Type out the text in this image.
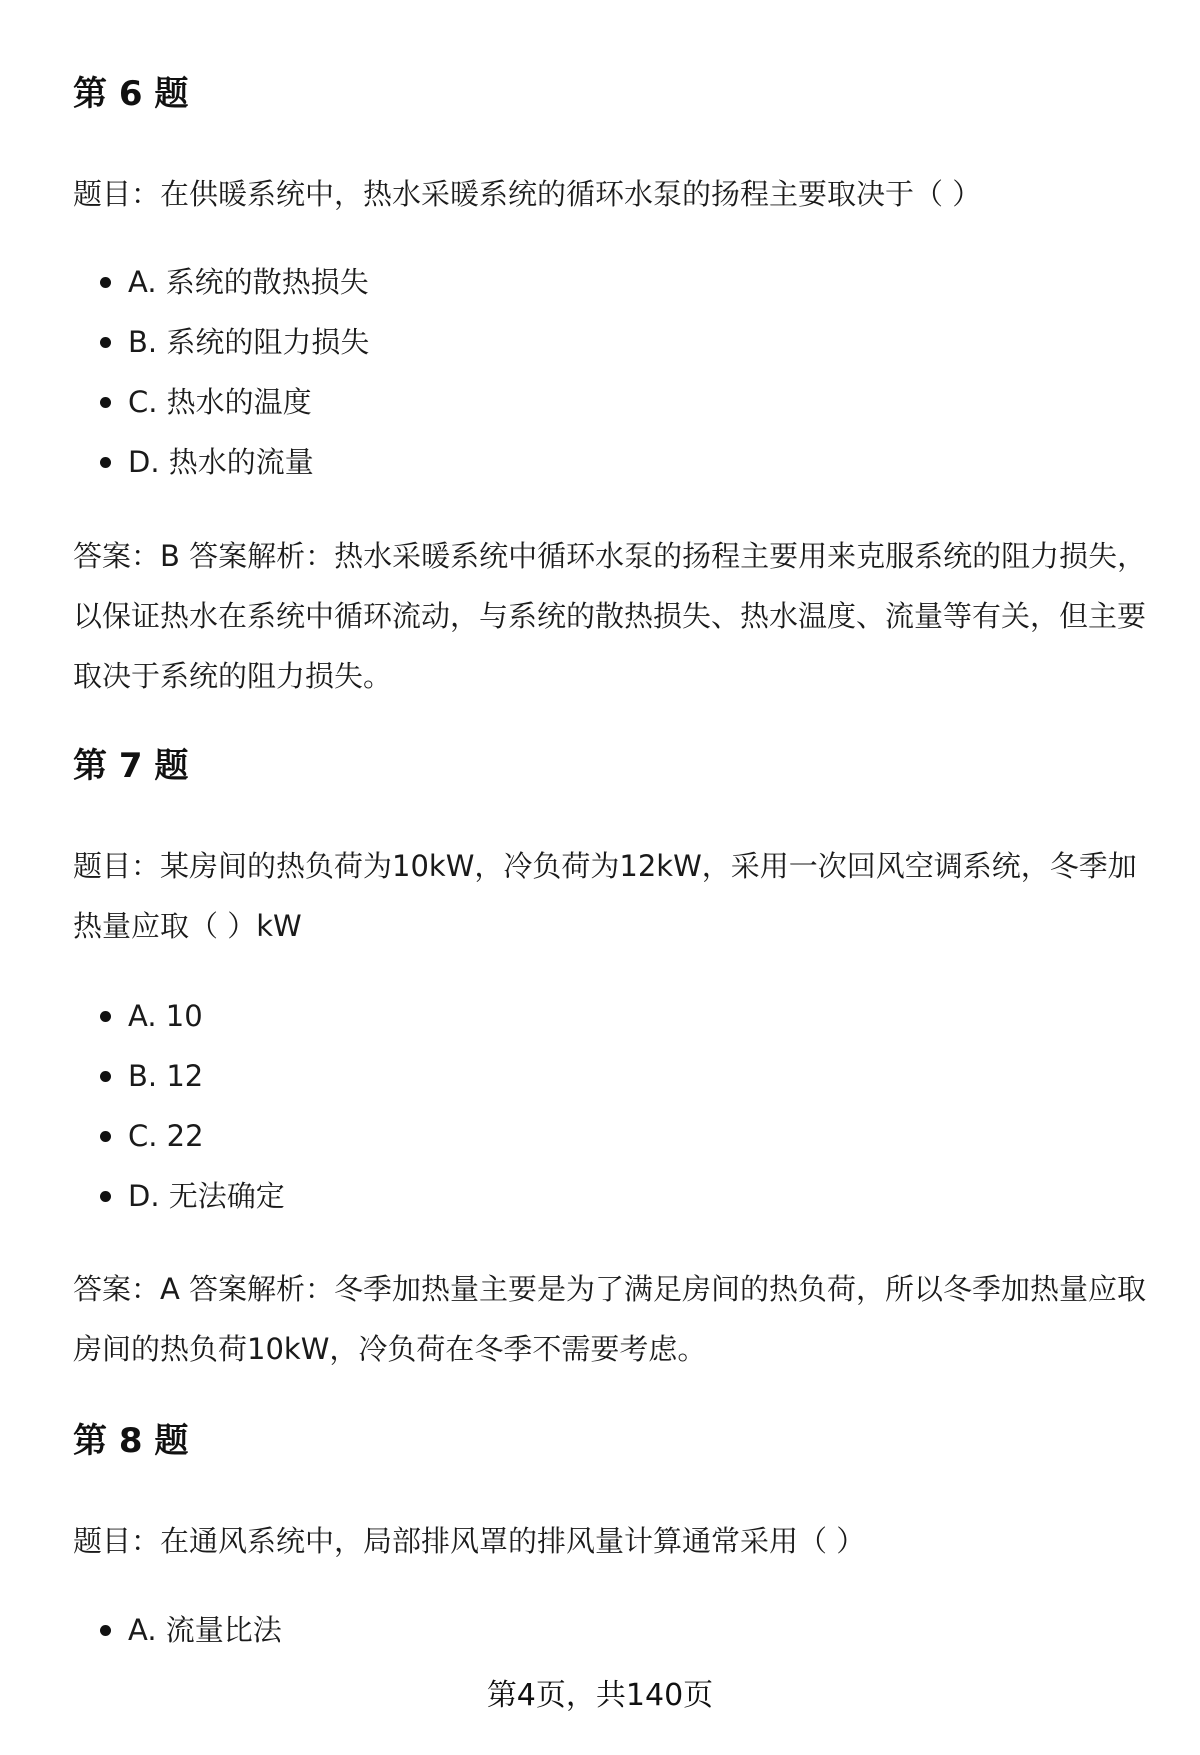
第 6 题

题目：在供暖系统中，热水采暖系统的循环水泵的扬程主要取决于（ ）

A. 系统的散热损失
B. 系统的阻力损失
C. 热水的温度
D. 热水的流量

答案：B 答案解析：热水采暖系统中循环水泵的扬程主要用来克服系统的阻力损失，以保证热水在系统中循环流动，与系统的散热损失、热水温度、流量等有关，但主要取决于系统的阻力损失。

第 7 题

题目：某房间的热负荷为10kW，冷负荷为12kW，采用一次回风空调系统，冬季加热量应取（ ）kW

A. 10
B. 12
C. 22
D. 无法确定

答案：A 答案解析：冬季加热量主要是为了满足房间的热负荷，所以冬季加热量应取房间的热负荷10kW，冷负荷在冬季不需要考虑。

第 8 题

题目：在通风系统中，局部排风罩的排风量计算通常采用（ ）

A. 流量比法
第4页，共140页
